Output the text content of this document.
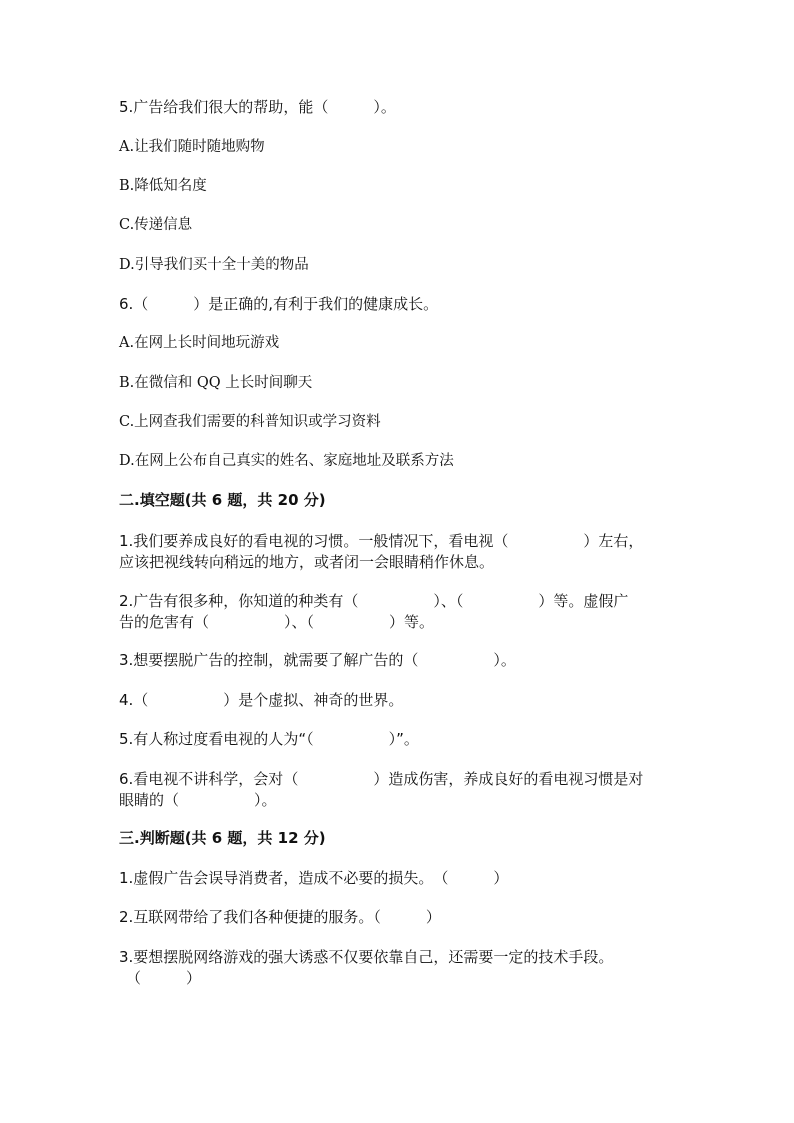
5.广告给我们很大的帮助，能（　　　）。

A.让我们随时随地购物

B.降低知名度

C.传递信息

D.引导我们买十全十美的物品

6.（　　　）是正确的,有利于我们的健康成长。

A.在网上长时间地玩游戏

B.在微信和 QQ 上长时间聊天

C.上网查我们需要的科普知识或学习资料

D.在网上公布自己真实的姓名、家庭地址及联系方法

二.填空题(共 6 题，共 20 分)

1.我们要养成良好的看电视的习惯。一般情况下，看电视（　　　　　）左右，

应该把视线转向稍远的地方，或者闭一会眼睛稍作休息。

2.广告有很多种，你知道的种类有（　　　　　）、（　　　　　）等。虚假广

告的危害有（　　　　　）、（　　　　　）等。

3.想要摆脱广告的控制，就需要了解广告的（　　　　　）。

4.（　　　　　）是个虚拟、神奇的世界。

5.有人称过度看电视的人为“（　　　　　）”。

6.看电视不讲科学，会对（　　　　　）造成伤害，养成良好的看电视习惯是对

眼睛的（　　　　　）。

三.判断题(共 6 题，共 12 分)

1.虚假广告会误导消费者，造成不必要的损失。　（　　　）

2.互联网带给了我们各种便捷的服务。（　　　）

3.要想摆脱网络游戏的强大诱惑不仅要依靠自己，还需要一定的技术手段。

（　　　）
